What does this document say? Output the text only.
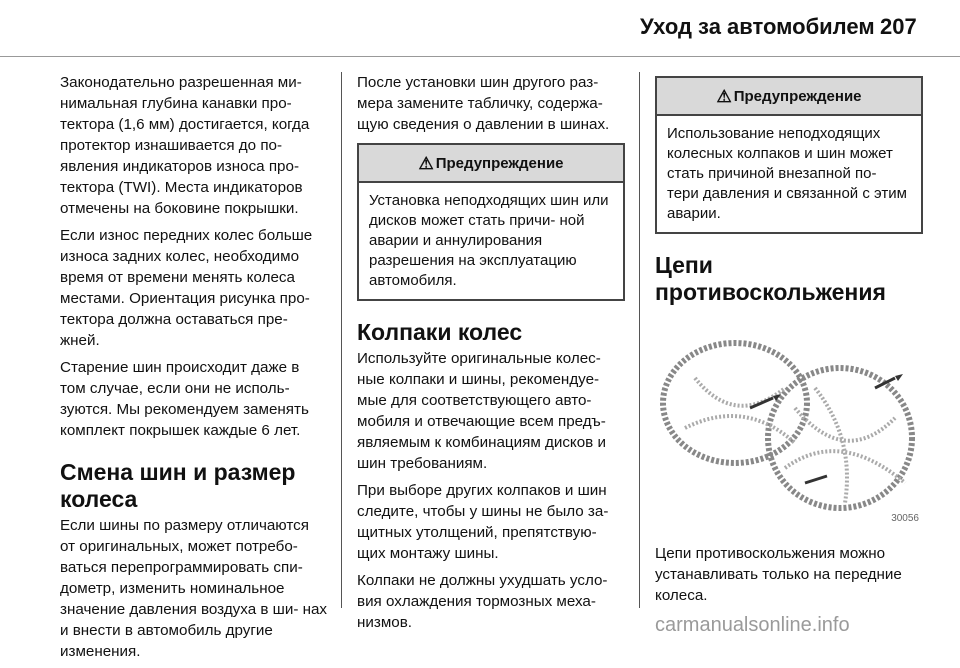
Уход за автомобилем 207

Законодательно разрешенная ми- нимальная глубина канавки про- тектора (1,6 мм) достигается, когда протектор изнашивается до по- явления индикаторов износа про- тектора (TWI). Места индикаторов отмечены на боковине покрышки.

Если износ передних колес больше износа задних колес, необходимо время от времени менять колеса местами. Ориентация рисунка про- тектора должна оставаться пре- жней.

Старение шин происходит даже в том случае, если они не исполь- зуются. Мы рекомендуем заменять комплект покрышек каждые 6 лет.

Смена шин и размер колеса

Если шины по размеру отличаются от оригинальных, может потребо- ваться перепрограммировать спи- дометр, изменить номинальное значение давления воздуха в ши- нах и внести в автомобиль другие изменения.

После установки шин другого раз- мера замените табличку, содержа- щую сведения о давлении в шинах.

⚠ Предупреждение
Установка неподходящих шин или дисков может стать причи- ной аварии и аннулирования разрешения на эксплуатацию автомобиля.
Колпаки колес

Используйте оригинальные колес- ные колпаки и шины, рекомендуе- мые для соответствующего авто- мобиля и отвечающие всем предъ- являемым к комбинациям дисков и шин требованиям.

При выборе других колпаков и шин следите, чтобы у шины не было за- щитных утолщений, препятствую- щих монтажу шины.

Колпаки не должны ухудшать усло- вия охлаждения тормозных меха- низмов.

⚠ Предупреждение
Использование неподходящих колесных колпаков и шин может стать причиной внезапной по- тери давления и связанной с этим аварии.
Цепи противоскольжения
30056

Цепи противоскольжения можно устанавливать только на передние колеса.

carmanualsonline.info
